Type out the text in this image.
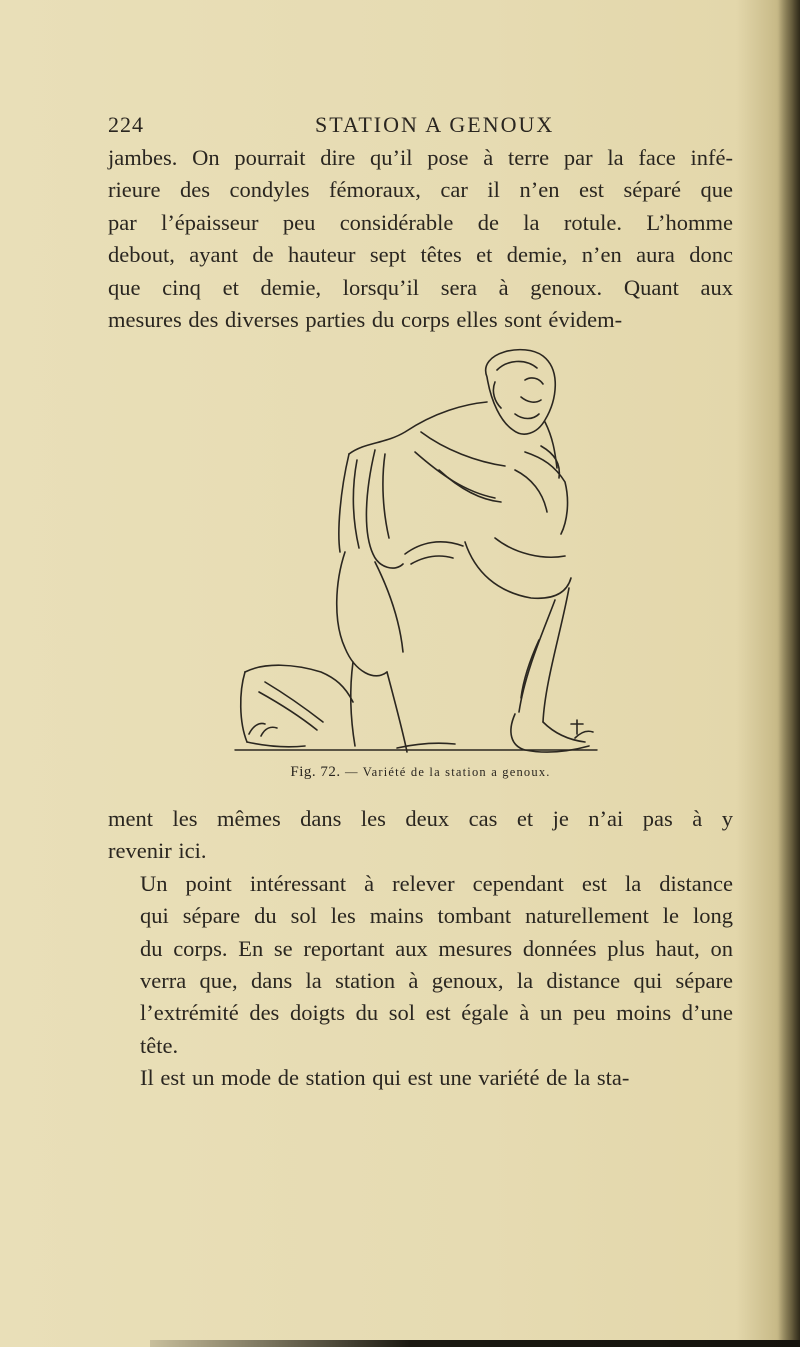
224	STATION A GENOUX

jambes. On pourrait dire qu’il pose à terre par la face infé-
rieure des condyles fémoraux, car il n’en est séparé que
par l’épaisseur peu considérable de la rotule. L’homme
debout, ayant de hauteur sept têtes et demie, n’en aura donc
que cinq et demie, lorsqu’il sera à genoux. Quant aux
mesures des diverses parties du corps elles sont évidem-

Fig. 72. — Variété de la station a genoux.

ment les mêmes dans les deux cas et je n’ai pas à y
revenir ici.

Un point intéressant à relever cependant est la distance
qui sépare du sol les mains tombant naturellement le long
du corps. En se reportant aux mesures données plus haut, on
verra que, dans la station à genoux, la distance qui sépare
l’extrémité des doigts du sol est égale à un peu moins d’une
tête.

Il est un mode de station qui est une variété de la sta-
